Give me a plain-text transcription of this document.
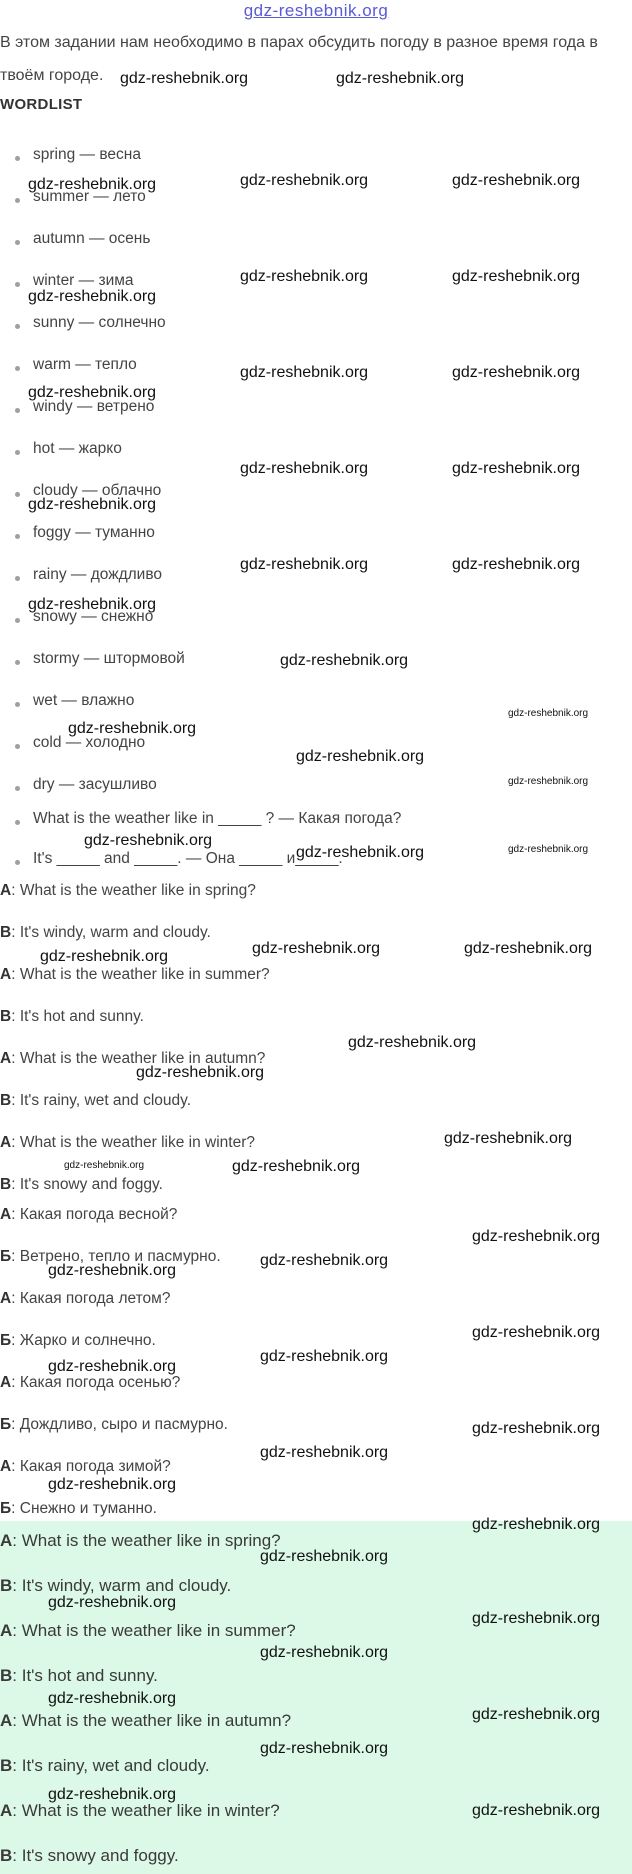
gdz-reshebnik.org
В этом задании нам необходимо в парах обсудить погоду в разное время года в твоём городе.
WORDLIST
spring — весна
summer — лето
autumn — осень
winter — зима
sunny — солнечно
warm — тепло
windy — ветрено
hot — жарко
cloudy — облачно
foggy — туманно
rainy — дождливо
snowy — снежно
stormy — штормовой
wet — влажно
cold — холодно
dry — засушливо
What is the weather like in _____ ? — Какая погода?
It's _____ and _____. — Она _____ и_____.
A: What is the weather like in spring?
B: It's windy, warm and cloudy.
A: What is the weather like in summer?
B: It's hot and sunny.
A: What is the weather like in autumn?
B: It's rainy, wet and cloudy.
A: What is the weather like in winter?
B: It's snowy and foggy.
А: Какая погода весной?
Б: Ветрено, тепло и пасмурно.
А: Какая погода летом?
Б: Жарко и солнечно.
А: Какая погода осенью?
Б: Дождливо, сыро и пасмурно.
А: Какая погода зимой?
Б: Снежно и туманно.
A: What is the weather like in spring?
B: It's windy, warm and cloudy.
A: What is the weather like in summer?
B: It's hot and sunny.
A: What is the weather like in autumn?
B: It's rainy, wet and cloudy.
A: What is the weather like in winter?
B: It's snowy and foggy.
gdz-reshebnik.org	gdz-reshebnik.org
gdz-reshebnik.org	gdz-reshebnik.org	gdz-reshebnik.org
gdz-reshebnik.org
gdz-reshebnik.org	gdz-reshebnik.org
gdz-reshebnik.org
gdz-reshebnik.org	gdz-reshebnik.org
gdz-reshebnik.org
gdz-reshebnik.org	gdz-reshebnik.org
gdz-reshebnik.org
gdz-reshebnik.org	gdz-reshebnik.org
gdz-reshebnik.org
gdz-reshebnik.org
gdz-reshebnik.org
gdz-reshebnik.org
gdz-reshebnik.org
gdz-reshebnik.org
gdz-reshebnik.org	gdz-reshebnik.org
gdz-reshebnik.org	gdz-reshebnik.org	gdz-reshebnik.org
gdz-reshebnik.org
gdz-reshebnik.org
gdz-reshebnik.org
gdz-reshebnik.org	gdz-reshebnik.org
gdz-reshebnik.org
gdz-reshebnik.org
gdz-reshebnik.org
gdz-reshebnik.org
gdz-reshebnik.org
gdz-reshebnik.org
gdz-reshebnik.org
gdz-reshebnik.org
gdz-reshebnik.org
gdz-reshebnik.org
gdz-reshebnik.org
gdz-reshebnik.org
gdz-reshebnik.org
gdz-reshebnik.org
gdz-reshebnik.org
gdz-reshebnik.org
gdz-reshebnik.org
gdz-reshebnik.org
gdz-reshebnik.org
